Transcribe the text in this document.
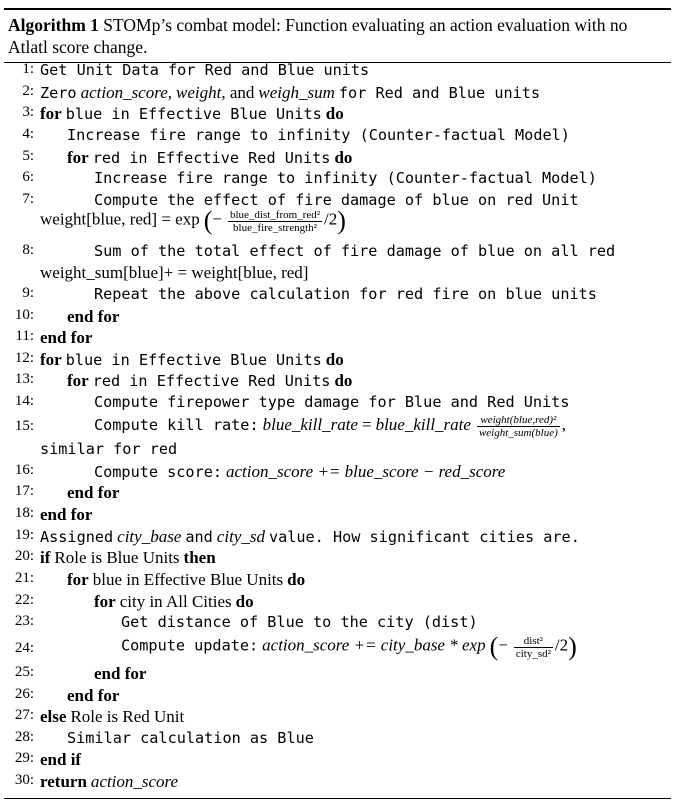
Algorithm 1 STOMp’s combat model: Function evaluating an action evaluation with no
Atlatl score change.
1: Get Unit Data for Red and Blue units
2: Zero action_score, weight, and weigh_sum for Red and Blue units
3: for blue in Effective Blue Units do
4: Increase fire range to infinity (Counter-factual Model)
5: for red in Effective Red Units do
6:	Increase fire range to infinity (Counter-factual Model)
7:	Compute the effect of fire damage of blue on red Unit
weight[blue, red] = exp (− $\frac{\text{blue\_dist\_from\_red²}}{\text{blue\_fire\_strength²}} /2$)
8:	Sum of the total effect of fire damage of blue on all red
weight_sum[blue]+ = weight[blue, red]
9:	Repeat the above calculation for red fire on blue units
10: end for
11: end for
12: for blue in Effective Blue Units do
13: for red in Effective Red Units do
14:	Compute firepower type damage for Blue and Red Units
15:	Compute kill rate: blue_kill_rate = blue_kill_rate $\frac{\text{weight(blue,red)²}}{\text{weight\_sum(blue)}}$ ,
similar for red
16:	Compute score: action_score += blue_score − red_score
17: end for
18: end for
19: Assigned city_base and city_sd value. How significant cities are.
20: if Role is Blue Units then
21: for blue in Effective Blue Units do
22:	for city in All Cities do
23:	Get distance of Blue to the city (dist)
24:	Compute update: action_score += city_base * exp (− $\frac{\text{dist²}}{\text{city\_sd²}} /2$)
25:	end for
26: end for
27: else Role is Red Unit
28: Similar calculation as Blue
29: end if
30: return action_score
